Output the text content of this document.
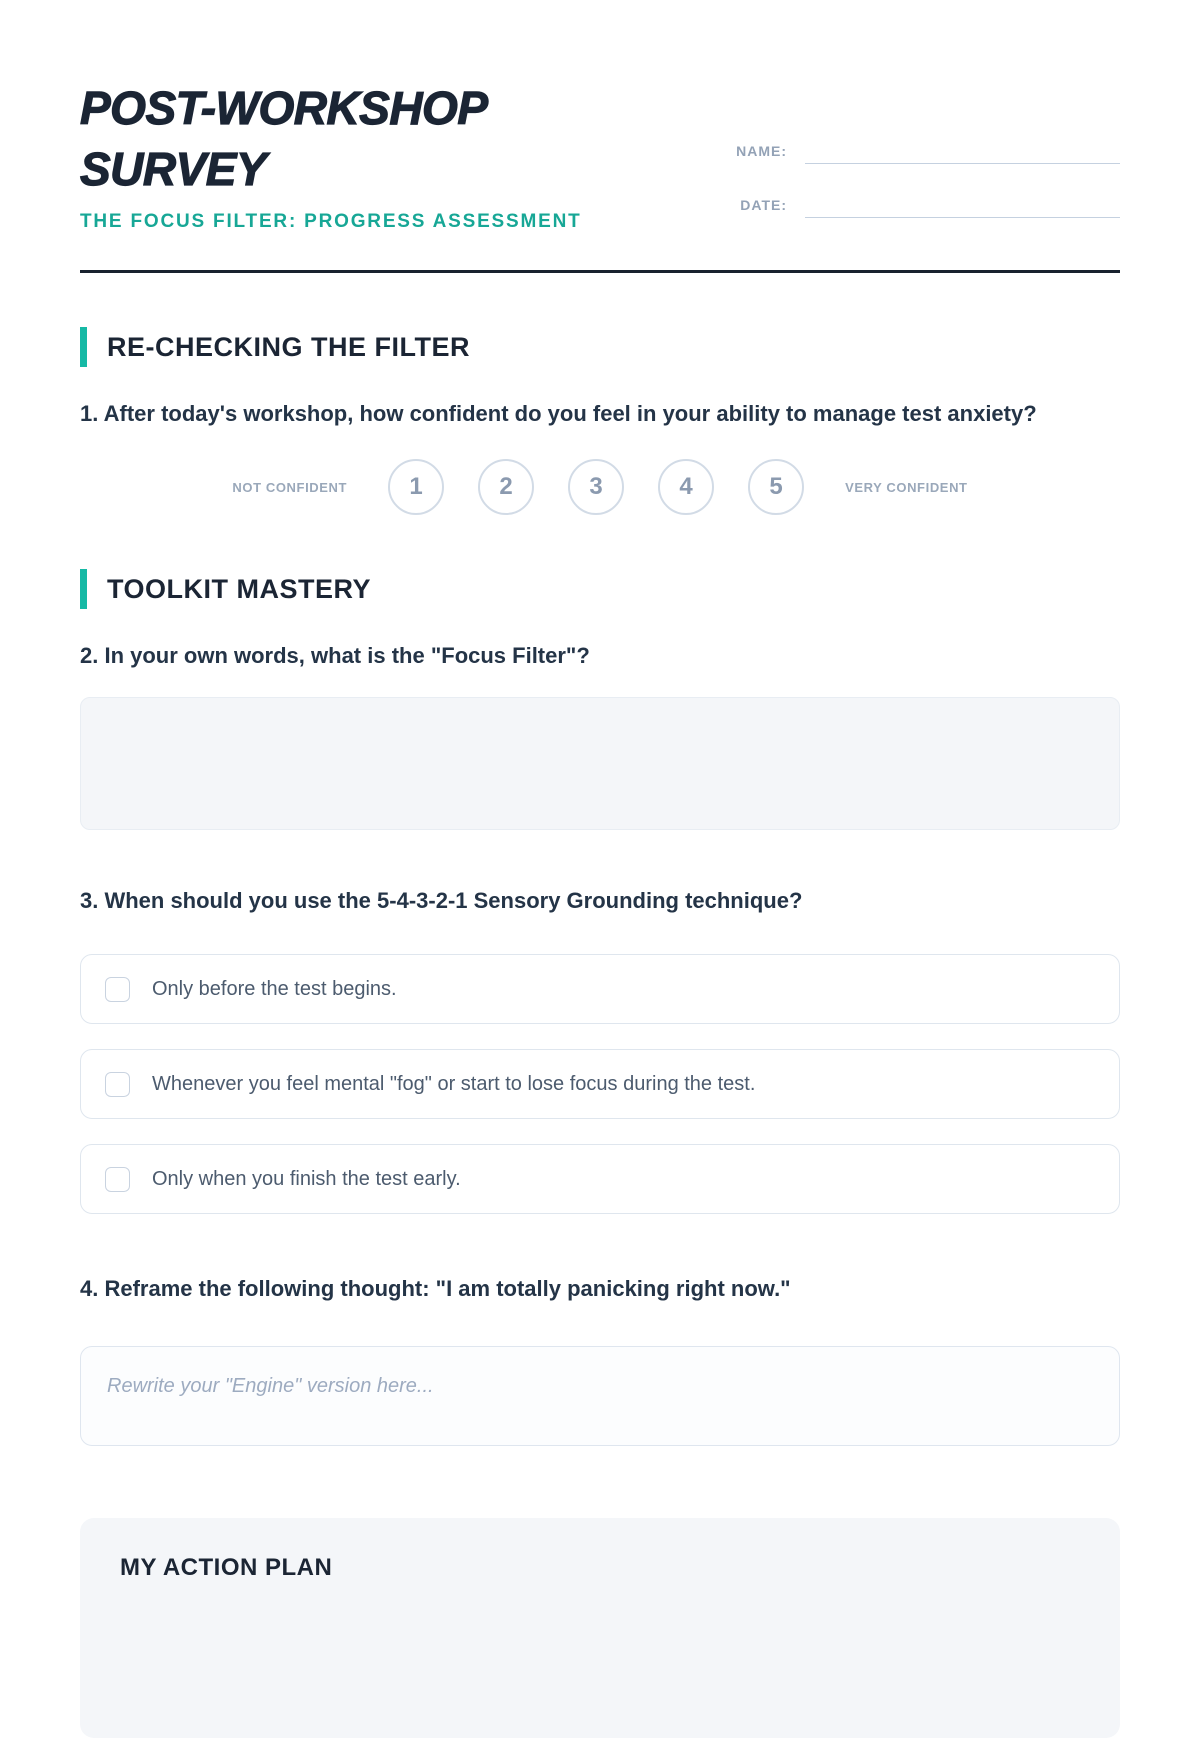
POST-WORKSHOP
SURVEY
THE FOCUS FILTER: PROGRESS ASSESSMENT
NAME:
DATE:
RE-CHECKING THE FILTER
1. After today's workshop, how confident do you feel in your ability to manage test anxiety?
NOT CONFIDENT	1	2	3	4	5	VERY CONFIDENT
TOOLKIT MASTERY
2. In your own words, what is the "Focus Filter"?
3. When should you use the 5-4-3-2-1 Sensory Grounding technique?
Only before the test begins.
Whenever you feel mental "fog" or start to lose focus during the test.
Only when you finish the test early.
4. Reframe the following thought: "I am totally panicking right now."
Rewrite your "Engine" version here...
MY ACTION PLAN
